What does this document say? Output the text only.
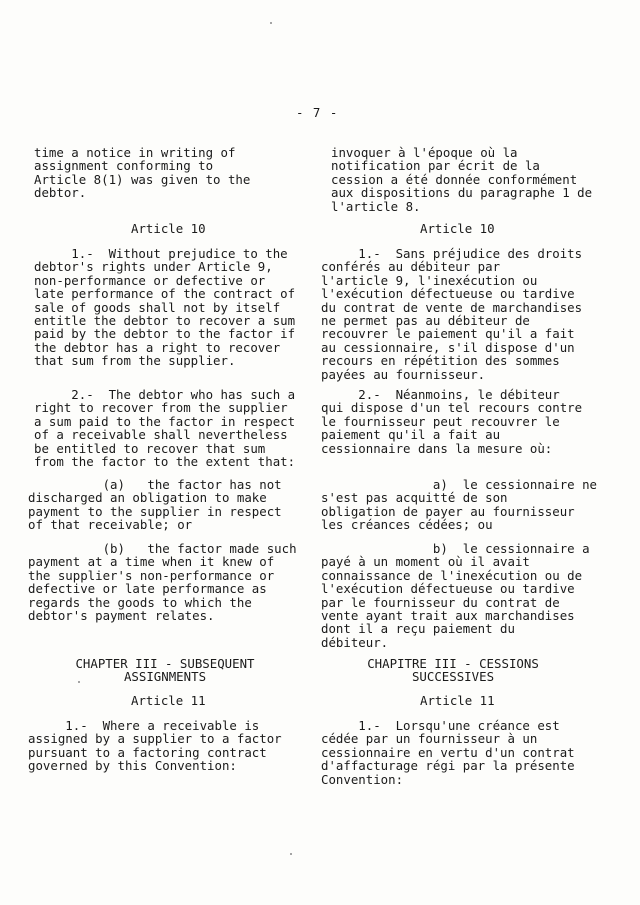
- 7 -
time a notice in writing of
assignment conforming to
Article 8(1) was given to the
debtor.
Article 10
1.-  Without prejudice to the
debtor's rights under Article 9,
non-performance or defective or
late performance of the contract of
sale of goods shall not by itself
entitle the debtor to recover a sum
paid by the debtor to the factor if
the debtor has a right to recover
that sum from the supplier.
2.-  The debtor who has such a
right to recover from the supplier
a sum paid to the factor in respect
of a receivable shall nevertheless
be entitled to recover that sum
from the factor to the extent that:
(a)   the factor has not
discharged an obligation to make
payment to the supplier in respect
of that receivable; or
(b)   the factor made such
payment at a time when it knew of
the supplier's non-performance or
defective or late performance as
regards the goods to which the
debtor's payment relates.
CHAPTER III - SUBSEQUENT
ASSIGNMENTS
Article 11
1.-  Where a receivable is
assigned by a supplier to a factor
pursuant to a factoring contract
governed by this Convention:
invoquer à l'époque où la
notification par écrit de la
cession a été donnée conformément
aux dispositions du paragraphe 1 de
l'article 8.
Article 10
1.-  Sans préjudice des droits
conférés au débiteur par
l'article 9, l'inexécution ou
l'exécution défectueuse ou tardive
du contrat de vente de marchandises
ne permet pas au débiteur de
recouvrer le paiement qu'il a fait
au cessionnaire, s'il dispose d'un
recours en répétition des sommes
payées au fournisseur.
2.-  Néanmoins, le débiteur
qui dispose d'un tel recours contre
le fournisseur peut recouvrer le
paiement qu'il a fait au
cessionnaire dans la mesure où:
a)  le cessionnaire ne
s'est pas acquitté de son
obligation de payer au fournisseur
les créances cédées; ou
b)  le cessionnaire a
payé à un moment où il avait
connaissance de l'inexécution ou de
l'exécution défectueuse ou tardive
par le fournisseur du contrat de
vente ayant trait aux marchandises
dont il a reçu paiement du
débiteur.
CHAPITRE III - CESSIONS
SUCCESSIVES
Article 11
1.-  Lorsqu'une créance est
cédée par un fournisseur à un
cessionnaire en vertu d'un contrat
d'affacturage régi par la présente
Convention:
